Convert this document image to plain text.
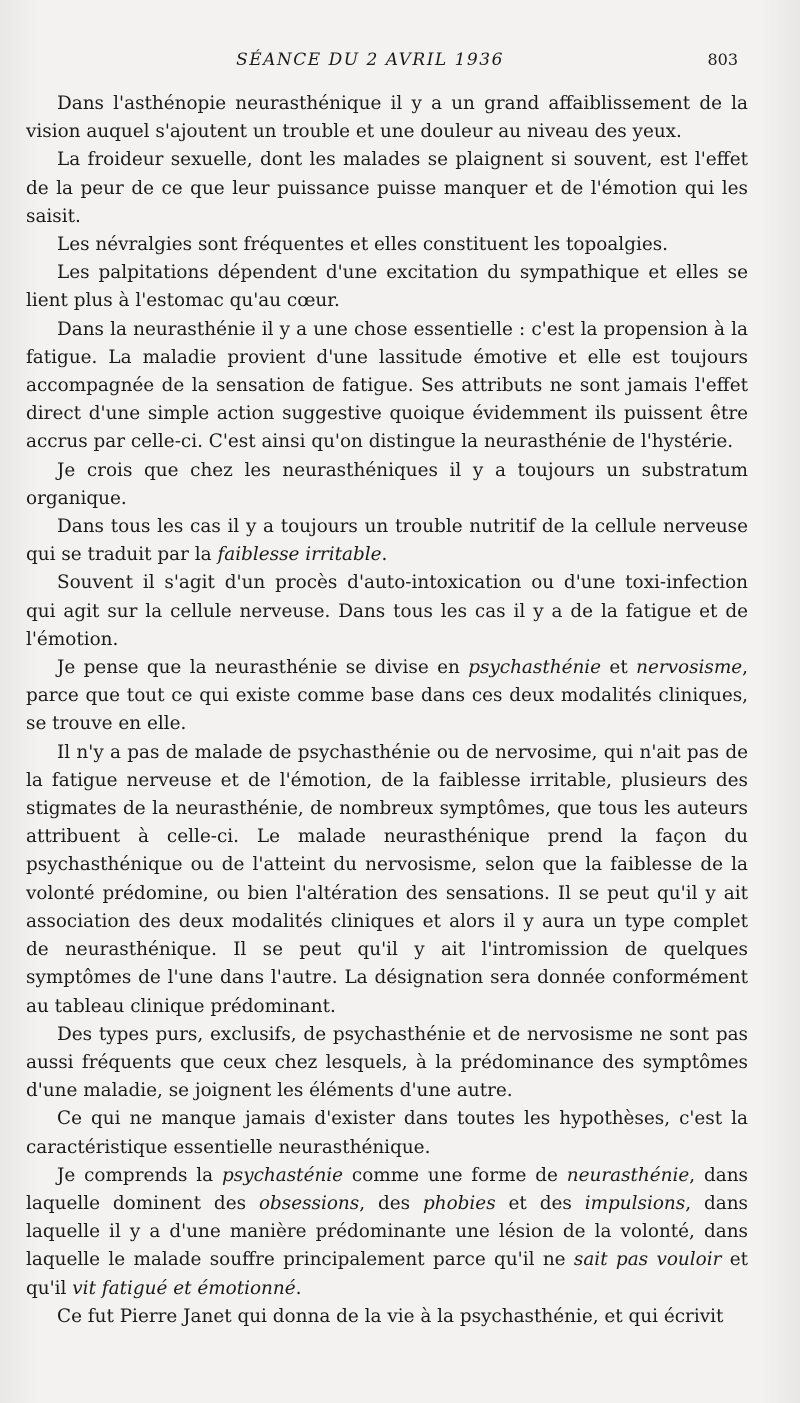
SÉANCE DU 2 AVRIL 1936	803

Dans l'asthénopie neurasthénique il y a un grand affaiblissement de la vision auquel s'ajoutent un trouble et une douleur au niveau des yeux.

La froideur sexuelle, dont les malades se plaignent si souvent, est l'effet de la peur de ce que leur puissance puisse manquer et de l'émotion qui les saisit.

Les névralgies sont fréquentes et elles constituent les topoalgies.

Les palpitations dépendent d'une excitation du sympathique et elles se lient plus à l'estomac qu'au cœur.

Dans la neurasthénie il y a une chose essentielle : c'est la propension à la fatigue. La maladie provient d'une lassitude émotive et elle est toujours accompagnée de la sensation de fatigue. Ses attributs ne sont jamais l'effet direct d'une simple action suggestive quoique évidemment ils puissent être accrus par celle-ci. C'est ainsi qu'on distingue la neurasthénie de l'hystérie.

Je crois que chez les neurasthéniques il y a toujours un substratum organique.

Dans tous les cas il y a toujours un trouble nutritif de la cellule nerveuse qui se traduit par la faiblesse irritable.

Souvent il s'agit d'un procès d'auto-intoxication ou d'une toxi-infection qui agit sur la cellule nerveuse. Dans tous les cas il y a de la fatigue et de l'émotion.

Je pense que la neurasthénie se divise en psychasthénie et nervosisme, parce que tout ce qui existe comme base dans ces deux modalités cliniques, se trouve en elle.

Il n'y a pas de malade de psychasthénie ou de nervosime, qui n'ait pas de la fatigue nerveuse et de l'émotion, de la faiblesse irritable, plusieurs des stigmates de la neurasthénie, de nombreux symptômes, que tous les auteurs attribuent à celle-ci. Le malade neurasthénique prend la façon du psychasthénique ou de l'atteint du nervosisme, selon que la faiblesse de la volonté prédomine, ou bien l'altération des sensations. Il se peut qu'il y ait association des deux modalités cliniques et alors il y aura un type complet de neurasthénique. Il se peut qu'il y ait l'intromission de quelques symptômes de l'une dans l'autre. La désignation sera donnée conformément au tableau clinique prédominant.

Des types purs, exclusifs, de psychasthénie et de nervosisme ne sont pas aussi fréquents que ceux chez lesquels, à la prédominance des symptômes d'une maladie, se joignent les éléments d'une autre.

Ce qui ne manque jamais d'exister dans toutes les hypothèses, c'est la caractéristique essentielle neurasthénique.

Je comprends la psychasténie comme une forme de neurasthénie, dans laquelle dominent des obsessions, des phobies et des impulsions, dans laquelle il y a d'une manière prédominante une lésion de la volonté, dans laquelle le malade souffre principalement parce qu'il ne sait pas vouloir et qu'il vit fatigué et émotionné.

Ce fut Pierre Janet qui donna de la vie à la psychasthénie, et qui écrivit
